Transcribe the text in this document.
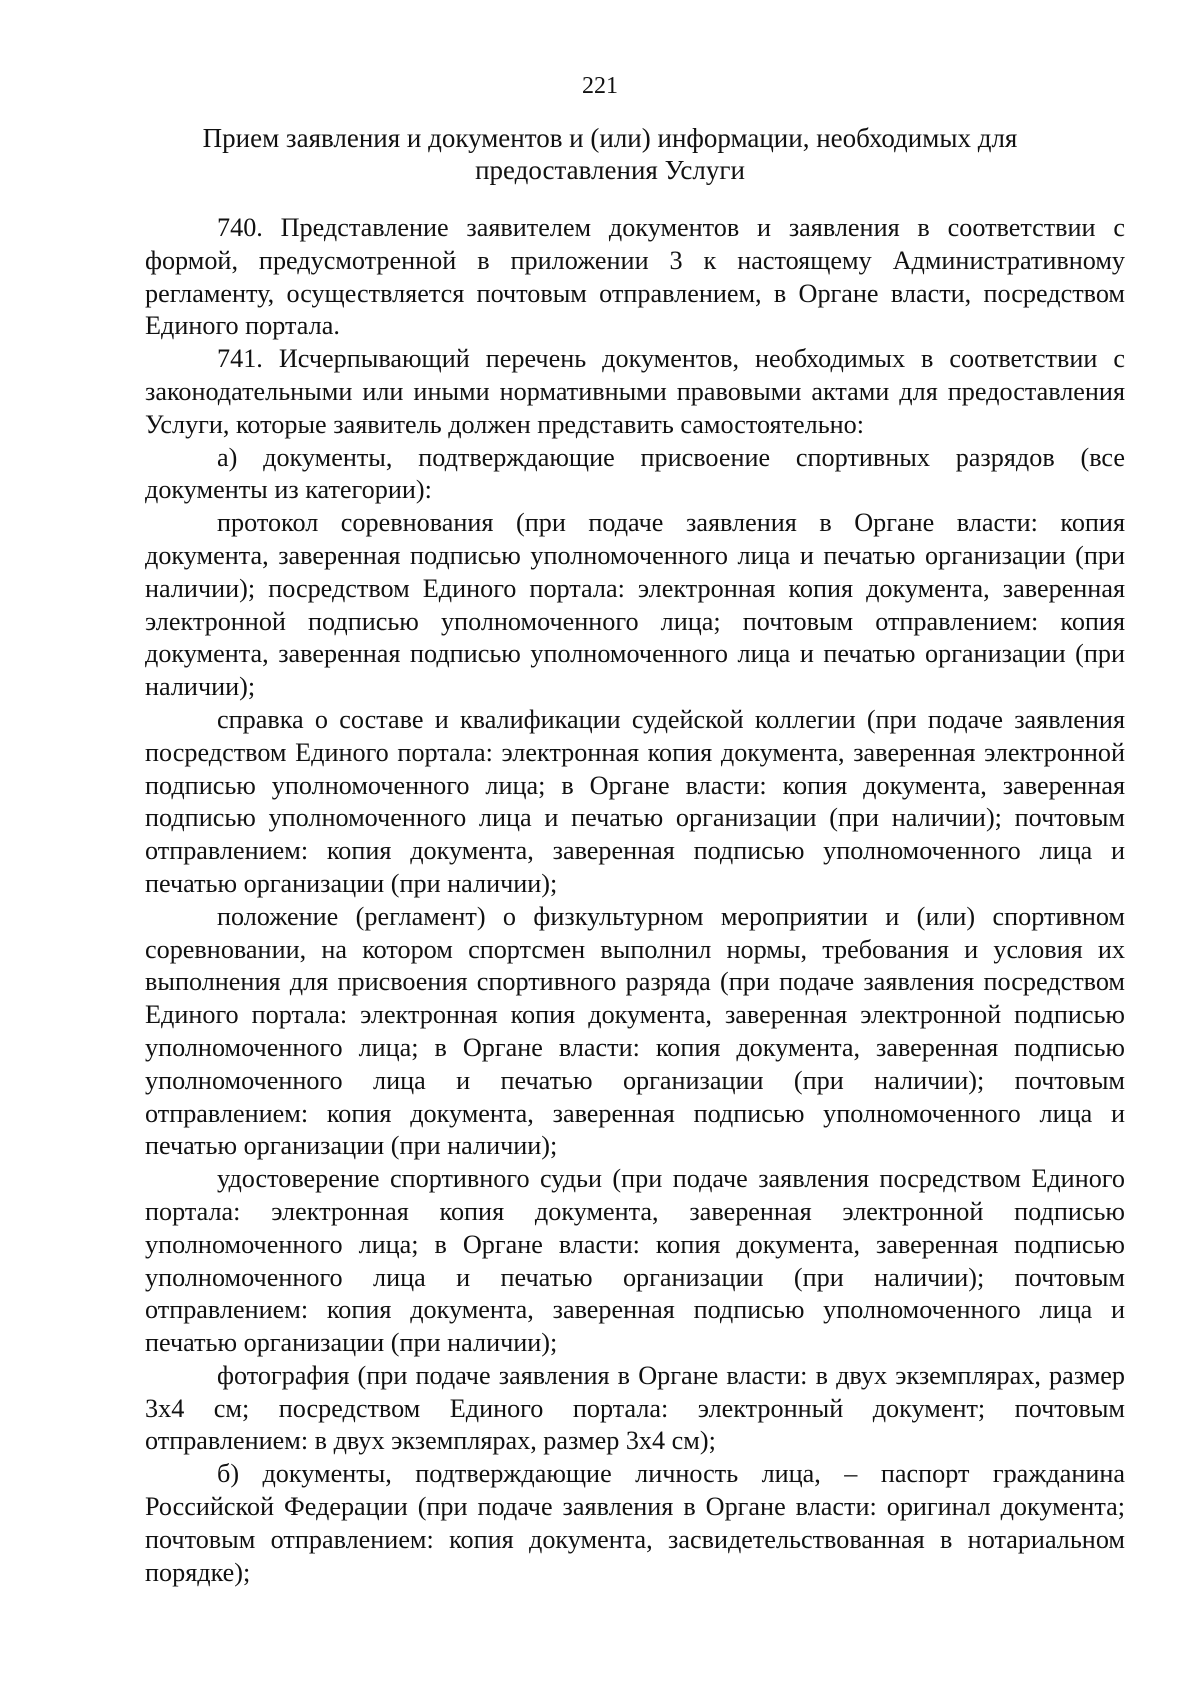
221
Прием заявления и документов и (или) информации, необходимых для предоставления Услуги

740. Представление заявителем документов и заявления в соответствии с формой, предусмотренной в приложении 3 к настоящему Административному регламенту, осуществляется почтовым отправлением, в Органе власти, посредством Единого портала.

741. Исчерпывающий перечень документов, необходимых в соответствии с законодательными или иными нормативными правовыми актами для предоставления Услуги, которые заявитель должен представить самостоятельно:

а) документы, подтверждающие присвоение спортивных разрядов (все документы из категории):

протокол соревнования (при подаче заявления в Органе власти: копия документа, заверенная подписью уполномоченного лица и печатью организации (при наличии); посредством Единого портала: электронная копия документа, заверенная электронной подписью уполномоченного лица; почтовым отправлением: копия документа, заверенная подписью уполномоченного лица и печатью организации (при наличии);

справка о составе и квалификации судейской коллегии (при подаче заявления посредством Единого портала: электронная копия документа, заверенная электронной подписью уполномоченного лица; в Органе власти: копия документа, заверенная подписью уполномоченного лица и печатью организации (при наличии); почтовым отправлением: копия документа, заверенная подписью уполномоченного лица и печатью организации (при наличии);

положение (регламент) о физкультурном мероприятии и (или) спортивном соревновании, на котором спортсмен выполнил нормы, требования и условия их выполнения для присвоения спортивного разряда (при подаче заявления посредством Единого портала: электронная копия документа, заверенная электронной подписью уполномоченного лица; в Органе власти: копия документа, заверенная подписью уполномоченного лица и печатью организации (при наличии); почтовым отправлением: копия документа, заверенная подписью уполномоченного лица и печатью организации (при наличии);

удостоверение спортивного судьи (при подаче заявления посредством Единого портала: электронная копия документа, заверенная электронной подписью уполномоченного лица; в Органе власти: копия документа, заверенная подписью уполномоченного лица и печатью организации (при наличии); почтовым отправлением: копия документа, заверенная подписью уполномоченного лица и печатью организации (при наличии);

фотография (при подаче заявления в Органе власти: в двух экземплярах, размер 3х4 см; посредством Единого портала: электронный документ; почтовым отправлением: в двух экземплярах, размер 3х4 см);

б) документы, подтверждающие личность лица, – паспорт гражданина Российской Федерации (при подаче заявления в Органе власти: оригинал документа; почтовым отправлением: копия документа, засвидетельствованная в нотариальном порядке);
